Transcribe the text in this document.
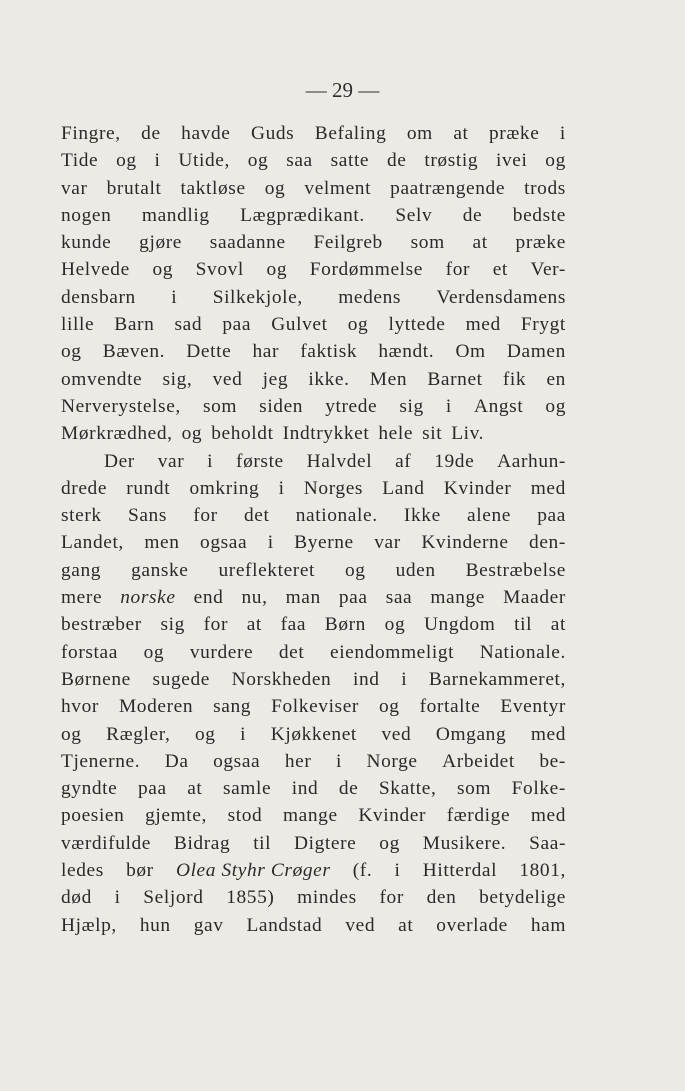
— 29 —
Fingre, de havde Guds Befaling om at præke i
Tide og i Utide, og saa satte de trøstig ivei og
var brutalt taktløse og velment paatrængende trods
nogen mandlig Lægprædikant. Selv de bedste
kunde gjøre saadanne Feilgreb som at præke
Helvede og Svovl og Fordømmelse for et Ver-
densbarn i Silkekjole, medens Verdensdamens
lille Barn sad paa Gulvet og lyttede med Frygt
og Bæven. Dette har faktisk hændt. Om Damen
omvendte sig, ved jeg ikke. Men Barnet fik en
Nerverystelse, som siden ytrede sig i Angst og
Mørkrædhed, og beholdt Indtrykket hele sit Liv.
Der var i første Halvdel af 19de Aarhun-
drede rundt omkring i Norges Land Kvinder med
sterk Sans for det nationale. Ikke alene paa
Landet, men ogsaa i Byerne var Kvinderne den-
gang ganske ureflekteret og uden Bestræbelse
mere norske end nu, man paa saa mange Maader
bestræber sig for at faa Børn og Ungdom til at
forstaa og vurdere det eiendommeligt Nationale.
Børnene sugede Norskheden ind i Barnekammeret,
hvor Moderen sang Folkeviser og fortalte Eventyr
og Rægler, og i Kjøkkenet ved Omgang med
Tjenerne. Da ogsaa her i Norge Arbeidet be-
gyndte paa at samle ind de Skatte, som Folke-
poesien gjemte, stod mange Kvinder færdige med
værdifulde Bidrag til Digtere og Musikere. Saa-
ledes bør Olea Styhr Crøger (f. i Hitterdal 1801,
død i Seljord 1855) mindes for den betydelige
Hjælp, hun gav Landstad ved at overlade ham
